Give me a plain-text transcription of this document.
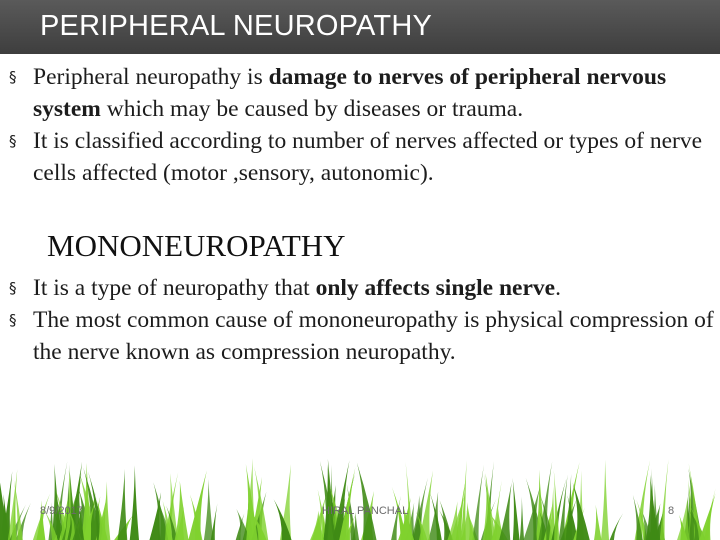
PERIPHERAL NEUROPATHY
§ Peripheral neuropathy is damage to nerves of peripheral nervous system which may be caused by diseases or trauma.
§ It is classified according to number of nerves affected or types of nerve cells affected (motor ,sensory, autonomic).
MONONEUROPATHY
§ It is a type of neuropathy that only affects single nerve.
§ The most common cause of mononeuropathy is physical compression of the nerve known as compression neuropathy.
8/9/2017	HIRAL PANCHAL	8
